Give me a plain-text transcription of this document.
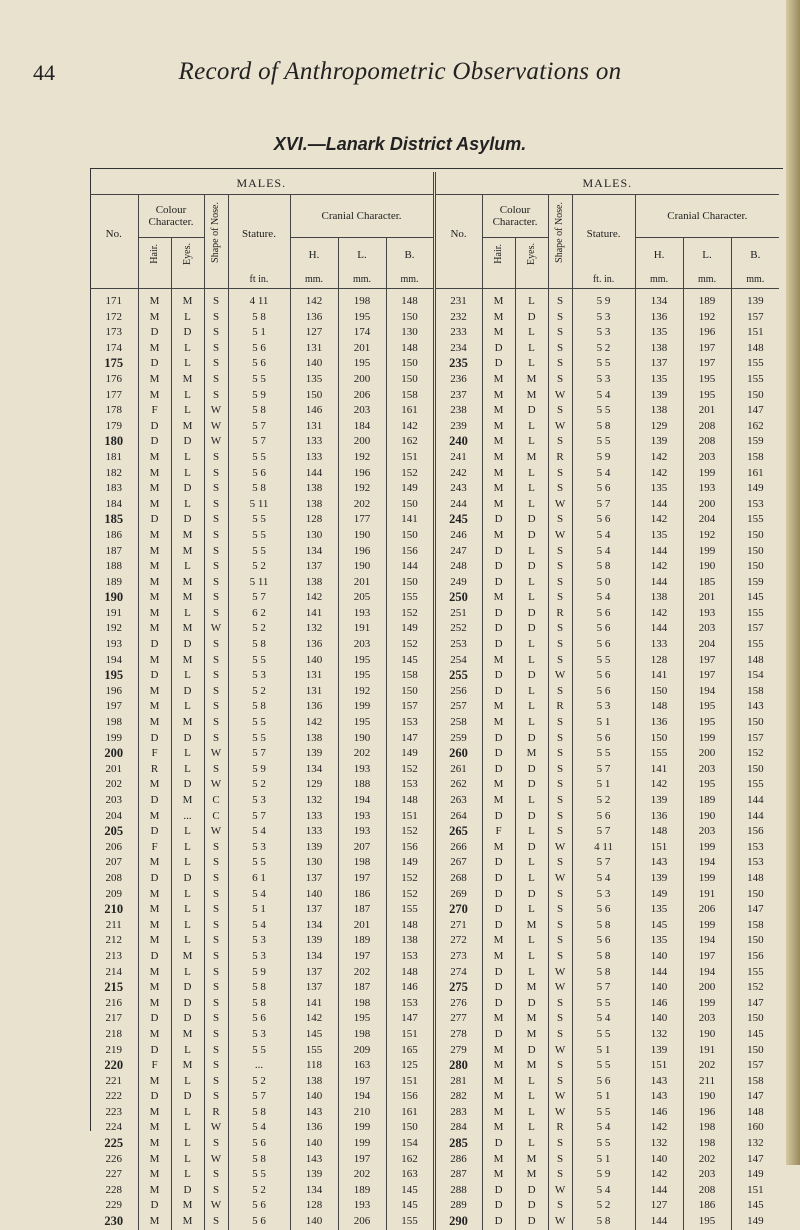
44	Record of Anthropometric Observations on
XVI.—Lanark District Asylum.
MALES.								MALES.							
No.	Colour Character.		Shape of Nose.	Stature.	Cranial Character.			No.	Colour Character.		Shape of Nose.	Stature.	Cranial Character.		
	Hair.	Eyes.			H.	L.	B.		Hair.	Eyes.			H.	L.	B.
				ft in.	mm.	mm.	mm.					ft. in.	mm.	mm.	mm.
171	M	M	S	4 11	142	198	148	231	M	L	S	5 9	134	189	139
172	M	L	S	5 8	136	195	150	232	M	D	S	5 3	136	192	157
173	D	D	S	5 1	127	174	130	233	M	L	S	5 3	135	196	151
174	M	L	S	5 6	131	201	148	234	D	L	S	5 2	138	197	148
175	D	L	S	5 6	140	195	150	235	D	L	S	5 5	137	197	155
176	M	M	S	5 5	135	200	150	236	M	M	S	5 3	135	195	155
177	M	L	S	5 9	150	206	158	237	M	M	W	5 4	139	195	150
178	F	L	W	5 8	146	203	161	238	M	D	S	5 5	138	201	147
179	D	M	W	5 7	131	184	142	239	M	L	W	5 8	129	208	162
180	D	D	W	5 7	133	200	162	240	M	L	S	5 5	139	208	159
181	M	L	S	5 5	133	192	151	241	M	M	R	5 9	142	203	158
182	M	L	S	5 6	144	196	152	242	M	L	S	5 4	142	199	161
183	M	D	S	5 8	138	192	149	243	M	L	S	5 6	135	193	149
184	M	L	S	5 11	138	202	150	244	M	L	W	5 7	144	200	153
185	D	D	S	5 5	128	177	141	245	D	D	S	5 6	142	204	155
186	M	M	S	5 5	130	190	150	246	M	D	W	5 4	135	192	150
187	M	M	S	5 5	134	196	156	247	D	L	S	5 4	144	199	150
188	M	L	S	5 2	137	190	144	248	D	D	S	5 8	142	190	150
189	M	M	S	5 11	138	201	150	249	D	L	S	5 0	144	185	159
190	M	M	S	5 7	142	205	155	250	M	L	S	5 4	138	201	145
191	M	L	S	6 2	141	193	152	251	D	D	R	5 6	142	193	155
192	M	M	W	5 2	132	191	149	252	D	D	S	5 6	144	203	157
193	D	D	S	5 8	136	203	152	253	D	L	S	5 6	133	204	155
194	M	M	S	5 5	140	195	145	254	M	L	S	5 5	128	197	148
195	D	L	S	5 3	131	195	158	255	D	D	W	5 6	141	197	154
196	M	D	S	5 2	131	192	150	256	D	L	S	5 6	150	194	158
197	M	L	S	5 8	136	199	157	257	M	L	R	5 3	148	195	143
198	M	M	S	5 5	142	195	153	258	M	L	S	5 1	136	195	150
199	D	D	S	5 5	138	190	147	259	D	D	S	5 6	150	199	157
200	F	L	W	5 7	139	202	149	260	D	M	S	5 5	155	200	152
201	R	L	S	5 9	134	193	152	261	D	D	S	5 7	141	203	150
202	M	D	W	5 2	129	188	153	262	M	D	S	5 1	142	195	155
203	D	M	C	5 3	132	194	148	263	M	L	S	5 2	139	189	144
204	M	...	C	5 7	133	193	151	264	D	D	S	5 6	136	190	144
205	D	L	W	5 4	133	193	152	265	F	L	S	5 7	148	203	156
206	F	L	S	5 3	139	207	156	266	M	D	W	4 11	151	199	153
207	M	L	S	5 5	130	198	149	267	D	L	S	5 7	143	194	153
208	D	D	S	6 1	137	197	152	268	D	L	W	5 4	139	199	148
209	M	L	S	5 4	140	186	152	269	D	D	S	5 3	149	191	150
210	M	L	S	5 1	137	187	155	270	D	L	S	5 6	135	206	147
211	M	L	S	5 4	134	201	148	271	D	M	S	5 8	145	199	158
212	M	L	S	5 3	139	189	138	272	M	L	S	5 6	135	194	150
213	D	M	S	5 3	134	197	153	273	M	L	S	5 8	140	197	156
214	M	L	S	5 9	137	202	148	274	D	L	W	5 8	144	194	155
215	M	D	S	5 8	137	187	146	275	D	M	W	5 7	140	200	152
216	M	D	S	5 8	141	198	153	276	D	D	S	5 5	146	199	147
217	D	D	S	5 6	142	195	147	277	M	M	S	5 4	140	203	150
218	M	M	S	5 3	145	198	151	278	D	M	S	5 5	132	190	145
219	D	L	S	5 5	155	209	165	279	M	D	W	5 1	139	191	150
220	F	M	S	...	118	163	125	280	M	M	S	5 5	151	202	157
221	M	L	S	5 2	138	197	151	281	M	L	S	5 6	143	211	158
222	D	D	S	5 7	140	194	156	282	M	L	W	5 1	143	190	147
223	M	L	R	5 8	143	210	161	283	M	L	W	5 5	146	196	148
224	M	L	W	5 4	136	199	150	284	M	L	R	5 4	142	198	160
225	M	L	S	5 6	140	199	154	285	D	L	S	5 5	132	198	132
226	M	L	W	5 8	143	197	162	286	M	M	S	5 1	140	202	147
227	M	L	S	5 5	139	202	163	287	M	M	S	5 9	142	203	149
228	M	D	S	5 2	134	189	145	288	D	D	W	5 4	144	208	151
229	D	M	W	5 6	128	193	145	289	D	D	S	5 2	127	186	145
230	M	M	S	5 6	140	206	155	290	D	D	W	5 8	144	195	149
